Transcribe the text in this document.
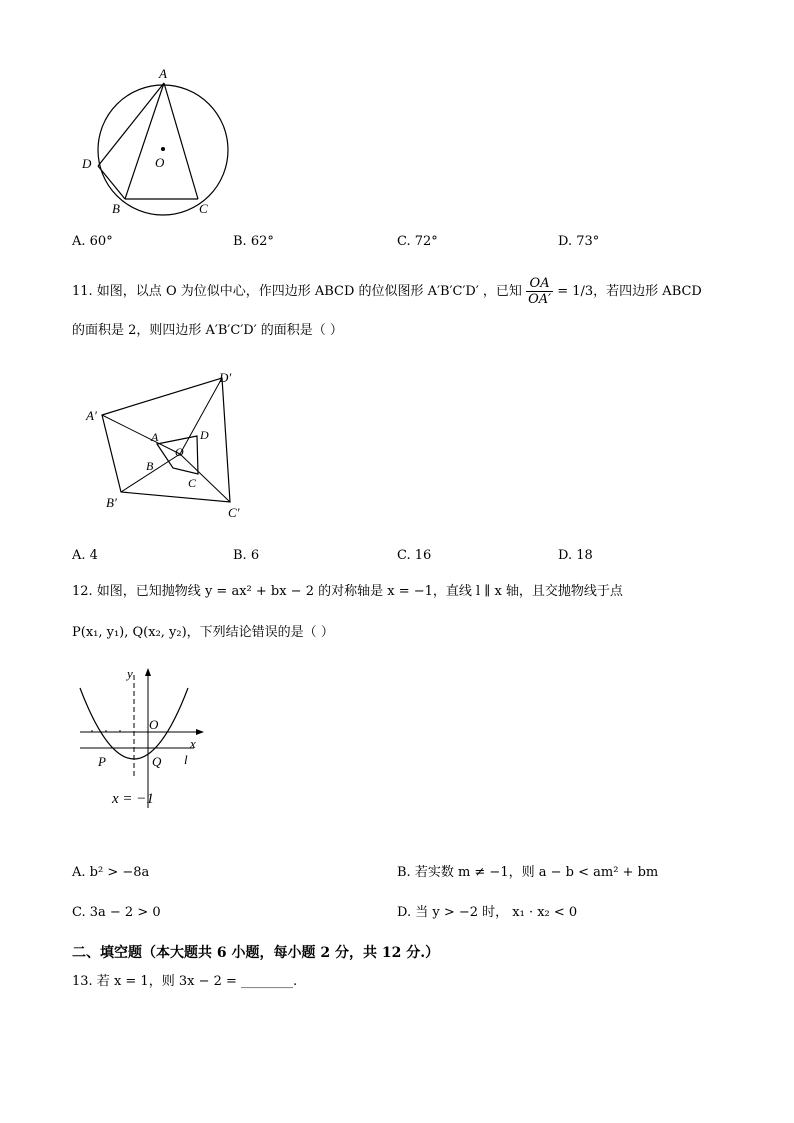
A
O
D
B	C
A. 60°	B. 62°	C. 72°	D. 73°
11. 如图，以点 O 为位似中心，作四边形 ABCD 的位似图形 A′B′C′D′ ，已知 $\frac{OA}{OA'} = 1/3$，若四边形 ABCD
的面积是 2，则四边形 A′B′C′D′ 的面积是（ ）
A′
D′
A	D
O
B
C
B′
C′
A. 4	B. 6	C. 16	D. 18
12. 如图，已知抛物线 y = ax² + bx − 2 的对称轴是 x = −1，直线 l ∥ x 轴，且交抛物线于点
P(x₁, y₁), Q(x₂, y₂)，下列结论错误的是（ ）
y
O
x
P	Q l
x = −1
A. b² > −8a	B. 若实数 m ≠ −1，则 a − b < am² + bm
C. 3a − 2 > 0	D. 当 y > −2 时， x₁ · x₂ < 0
二、填空题（本大题共 6 小题，每小题 2 分，共 12 分.）
13. 若 x = 1，则 3x − 2 = ________.
